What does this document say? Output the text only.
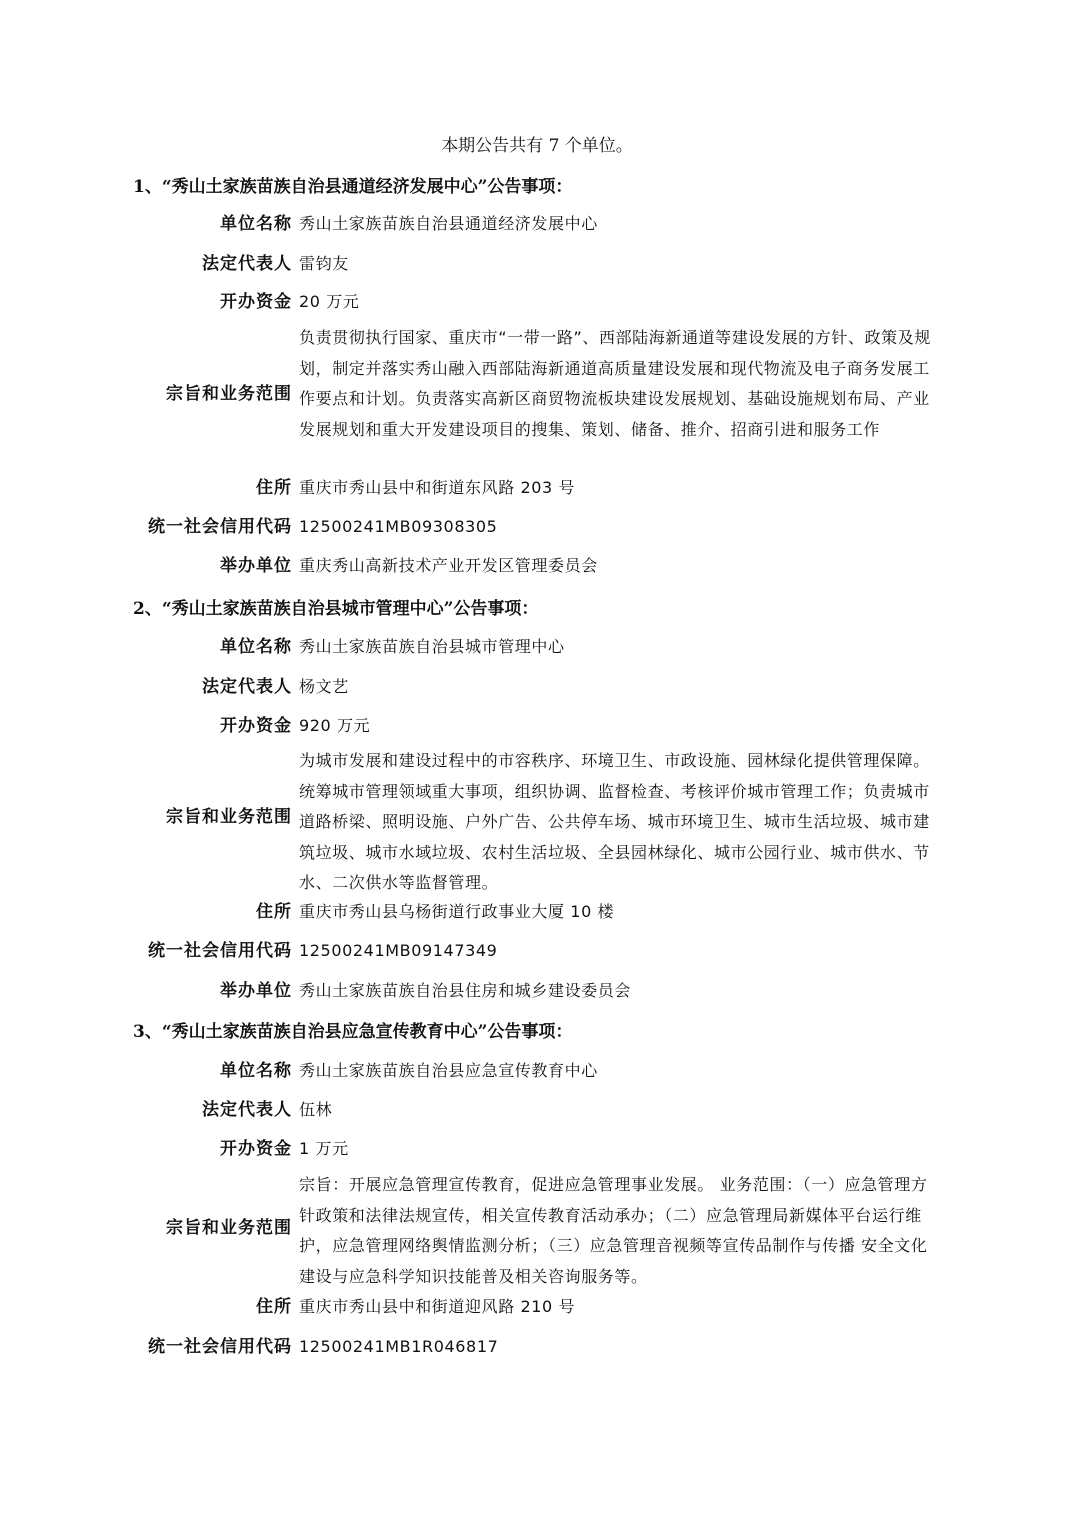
本期公告共有 7 个单位。
1、“秀山土家族苗族自治县通道经济发展中心”公告事项：
单位名称 秀山土家族苗族自治县通道经济发展中心
法定代表人 雷钧友
开办资金 20 万元
宗旨和业务范围
负责贯彻执行国家、重庆市“一带一路”、西部陆海新通道等建设发展的方针、政策及规划，制定并落实秀山融入西部陆海新通道高质量建设发展和现代物流及电子商务发展工作要点和计划。负责落实高新区商贸物流板块建设发展规划、基础设施规划布局、产业发展规划和重大开发建设项目的搜集、策划、储备、推介、招商引进和服务工作
住所 重庆市秀山县中和街道东风路 203 号
统一社会信用代码 12500241MB09308305
举办单位 重庆秀山高新技术产业开发区管理委员会
2、“秀山土家族苗族自治县城市管理中心”公告事项：
单位名称 秀山土家族苗族自治县城市管理中心
法定代表人 杨文艺
开办资金 920 万元
宗旨和业务范围
为城市发展和建设过程中的市容秩序、环境卫生、市政设施、园林绿化提供管理保障。统筹城市管理领域重大事项，组织协调、监督检查、考核评价城市管理工作；负责城市道路桥梁、照明设施、户外广告、公共停车场、城市环境卫生、城市生活垃圾、城市建筑垃圾、城市水域垃圾、农村生活垃圾、全县园林绿化、城市公园行业、城市供水、节水、二次供水等监督管理。
住所 重庆市秀山县乌杨街道行政事业大厦 10 楼
统一社会信用代码 12500241MB09147349
举办单位 秀山土家族苗族自治县住房和城乡建设委员会
3、“秀山土家族苗族自治县应急宣传教育中心”公告事项：
单位名称 秀山土家族苗族自治县应急宣传教育中心
法定代表人 伍林
开办资金 1 万元
宗旨和业务范围
宗旨：开展应急管理宣传教育，促进应急管理事业发展。 业务范围：（一）应急管理方针政策和法律法规宣传，相关宣传教育活动承办；（二）应急管理局新媒体平台运行维护，应急管理网络舆情监测分析；（三）应急管理音视频等宣传品制作与传播 安全文化建设与应急科学知识技能普及相关咨询服务等。
住所 重庆市秀山县中和街道迎风路 210 号
统一社会信用代码 12500241MB1R046817
